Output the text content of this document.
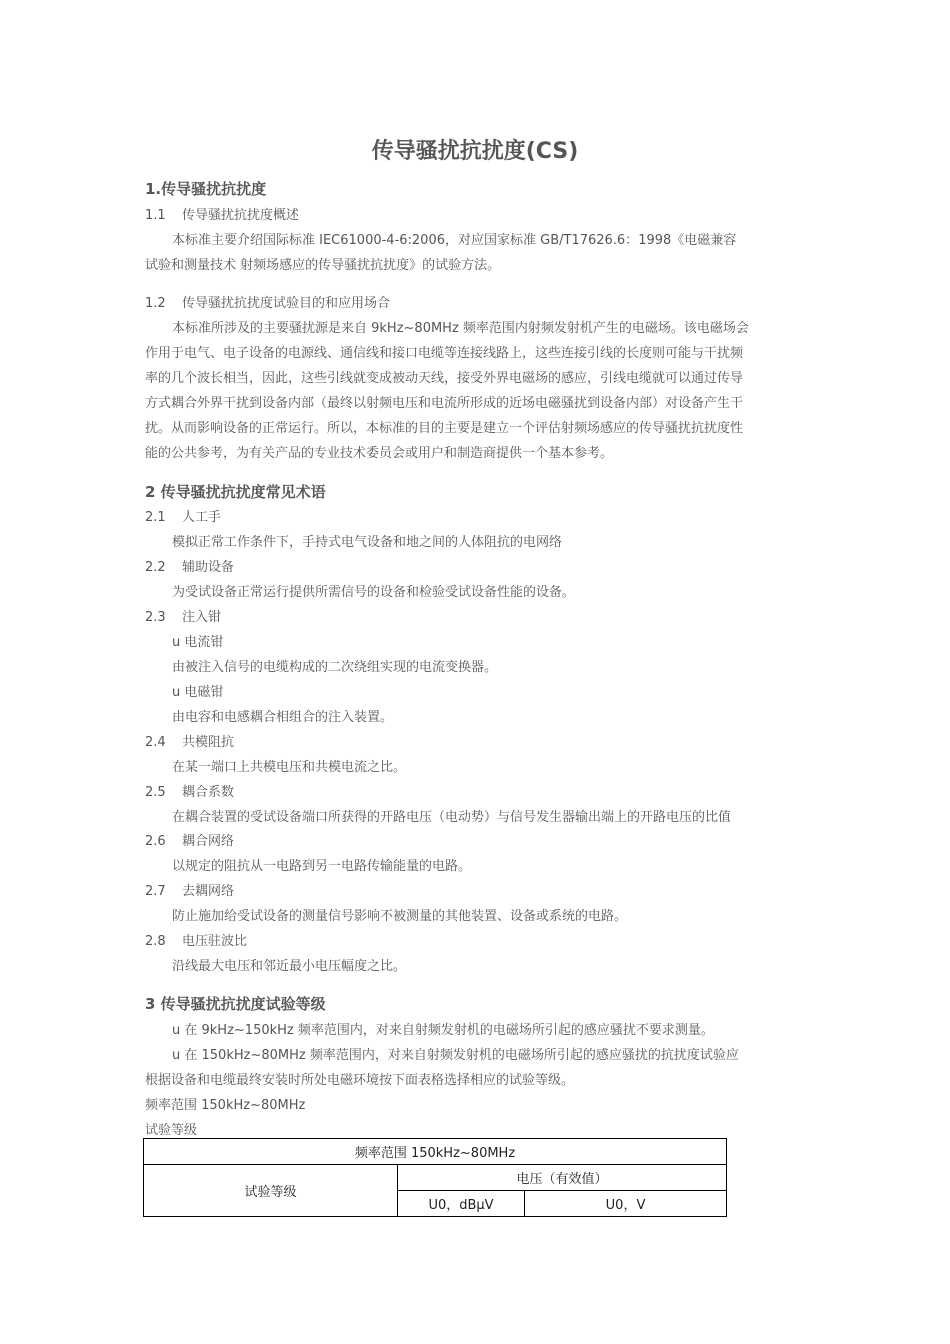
传导骚扰抗扰度(CS)
1.传导骚扰抗扰度
1.1 传导骚扰抗扰度概述
本标准主要介绍国际标准 IEC61000-4-6:2006，对应国家标准 GB/T17626.6：1998《电磁兼容
试验和测量技术 射频场感应的传导骚扰抗扰度》的试验方法。
1.2 传导骚扰抗扰度试验目的和应用场合
本标准所涉及的主要骚扰源是来自 9kHz~80MHz 频率范围内射频发射机产生的电磁场。该电磁场会
作用于电气、电子设备的电源线、通信线和接口电缆等连接线路上，这些连接引线的长度则可能与干扰频
率的几个波长相当，因此，这些引线就变成被动天线，接受外界电磁场的感应，引线电缆就可以通过传导
方式耦合外界干扰到设备内部（最终以射频电压和电流所形成的近场电磁骚扰到设备内部）对设备产生干
扰。从而影响设备的正常运行。所以，本标准的目的主要是建立一个评估射频场感应的传导骚扰抗扰度性
能的公共参考，为有关产品的专业技术委员会或用户和制造商提供一个基本参考。
2 传导骚扰抗扰度常见术语
2.1 人工手
模拟正常工作条件下，手持式电气设备和地之间的人体阻抗的电网络
2.2 辅助设备
为受试设备正常运行提供所需信号的设备和检验受试设备性能的设备。
2.3 注入钳
u 电流钳
由被注入信号的电缆构成的二次绕组实现的电流变换器。
u 电磁钳
由电容和电感耦合相组合的注入装置。
2.4 共模阻抗
在某一端口上共模电压和共模电流之比。
2.5 耦合系数
在耦合装置的受试设备端口所获得的开路电压（电动势）与信号发生器输出端上的开路电压的比值
2.6 耦合网络
以规定的阻抗从一电路到另一电路传输能量的电路。
2.7 去耦网络
防止施加给受试设备的测量信号影响不被测量的其他装置、设备或系统的电路。
2.8 电压驻波比
沿线最大电压和邻近最小电压幅度之比。
3 传导骚扰抗扰度试验等级
u 在 9kHz~150kHz 频率范围内，对来自射频发射机的电磁场所引起的感应骚扰不要求测量。
u 在 150kHz~80MHz 频率范围内，对来自射频发射机的电磁场所引起的感应骚扰的抗扰度试验应
根据设备和电缆最终安装时所处电磁环境按下面表格选择相应的试验等级。
频率范围 150kHz~80MHz
试验等级
频率范围 150kHz~80MHz		
试验等级	电压（有效值）	
	U0，dBμV	U0，V
